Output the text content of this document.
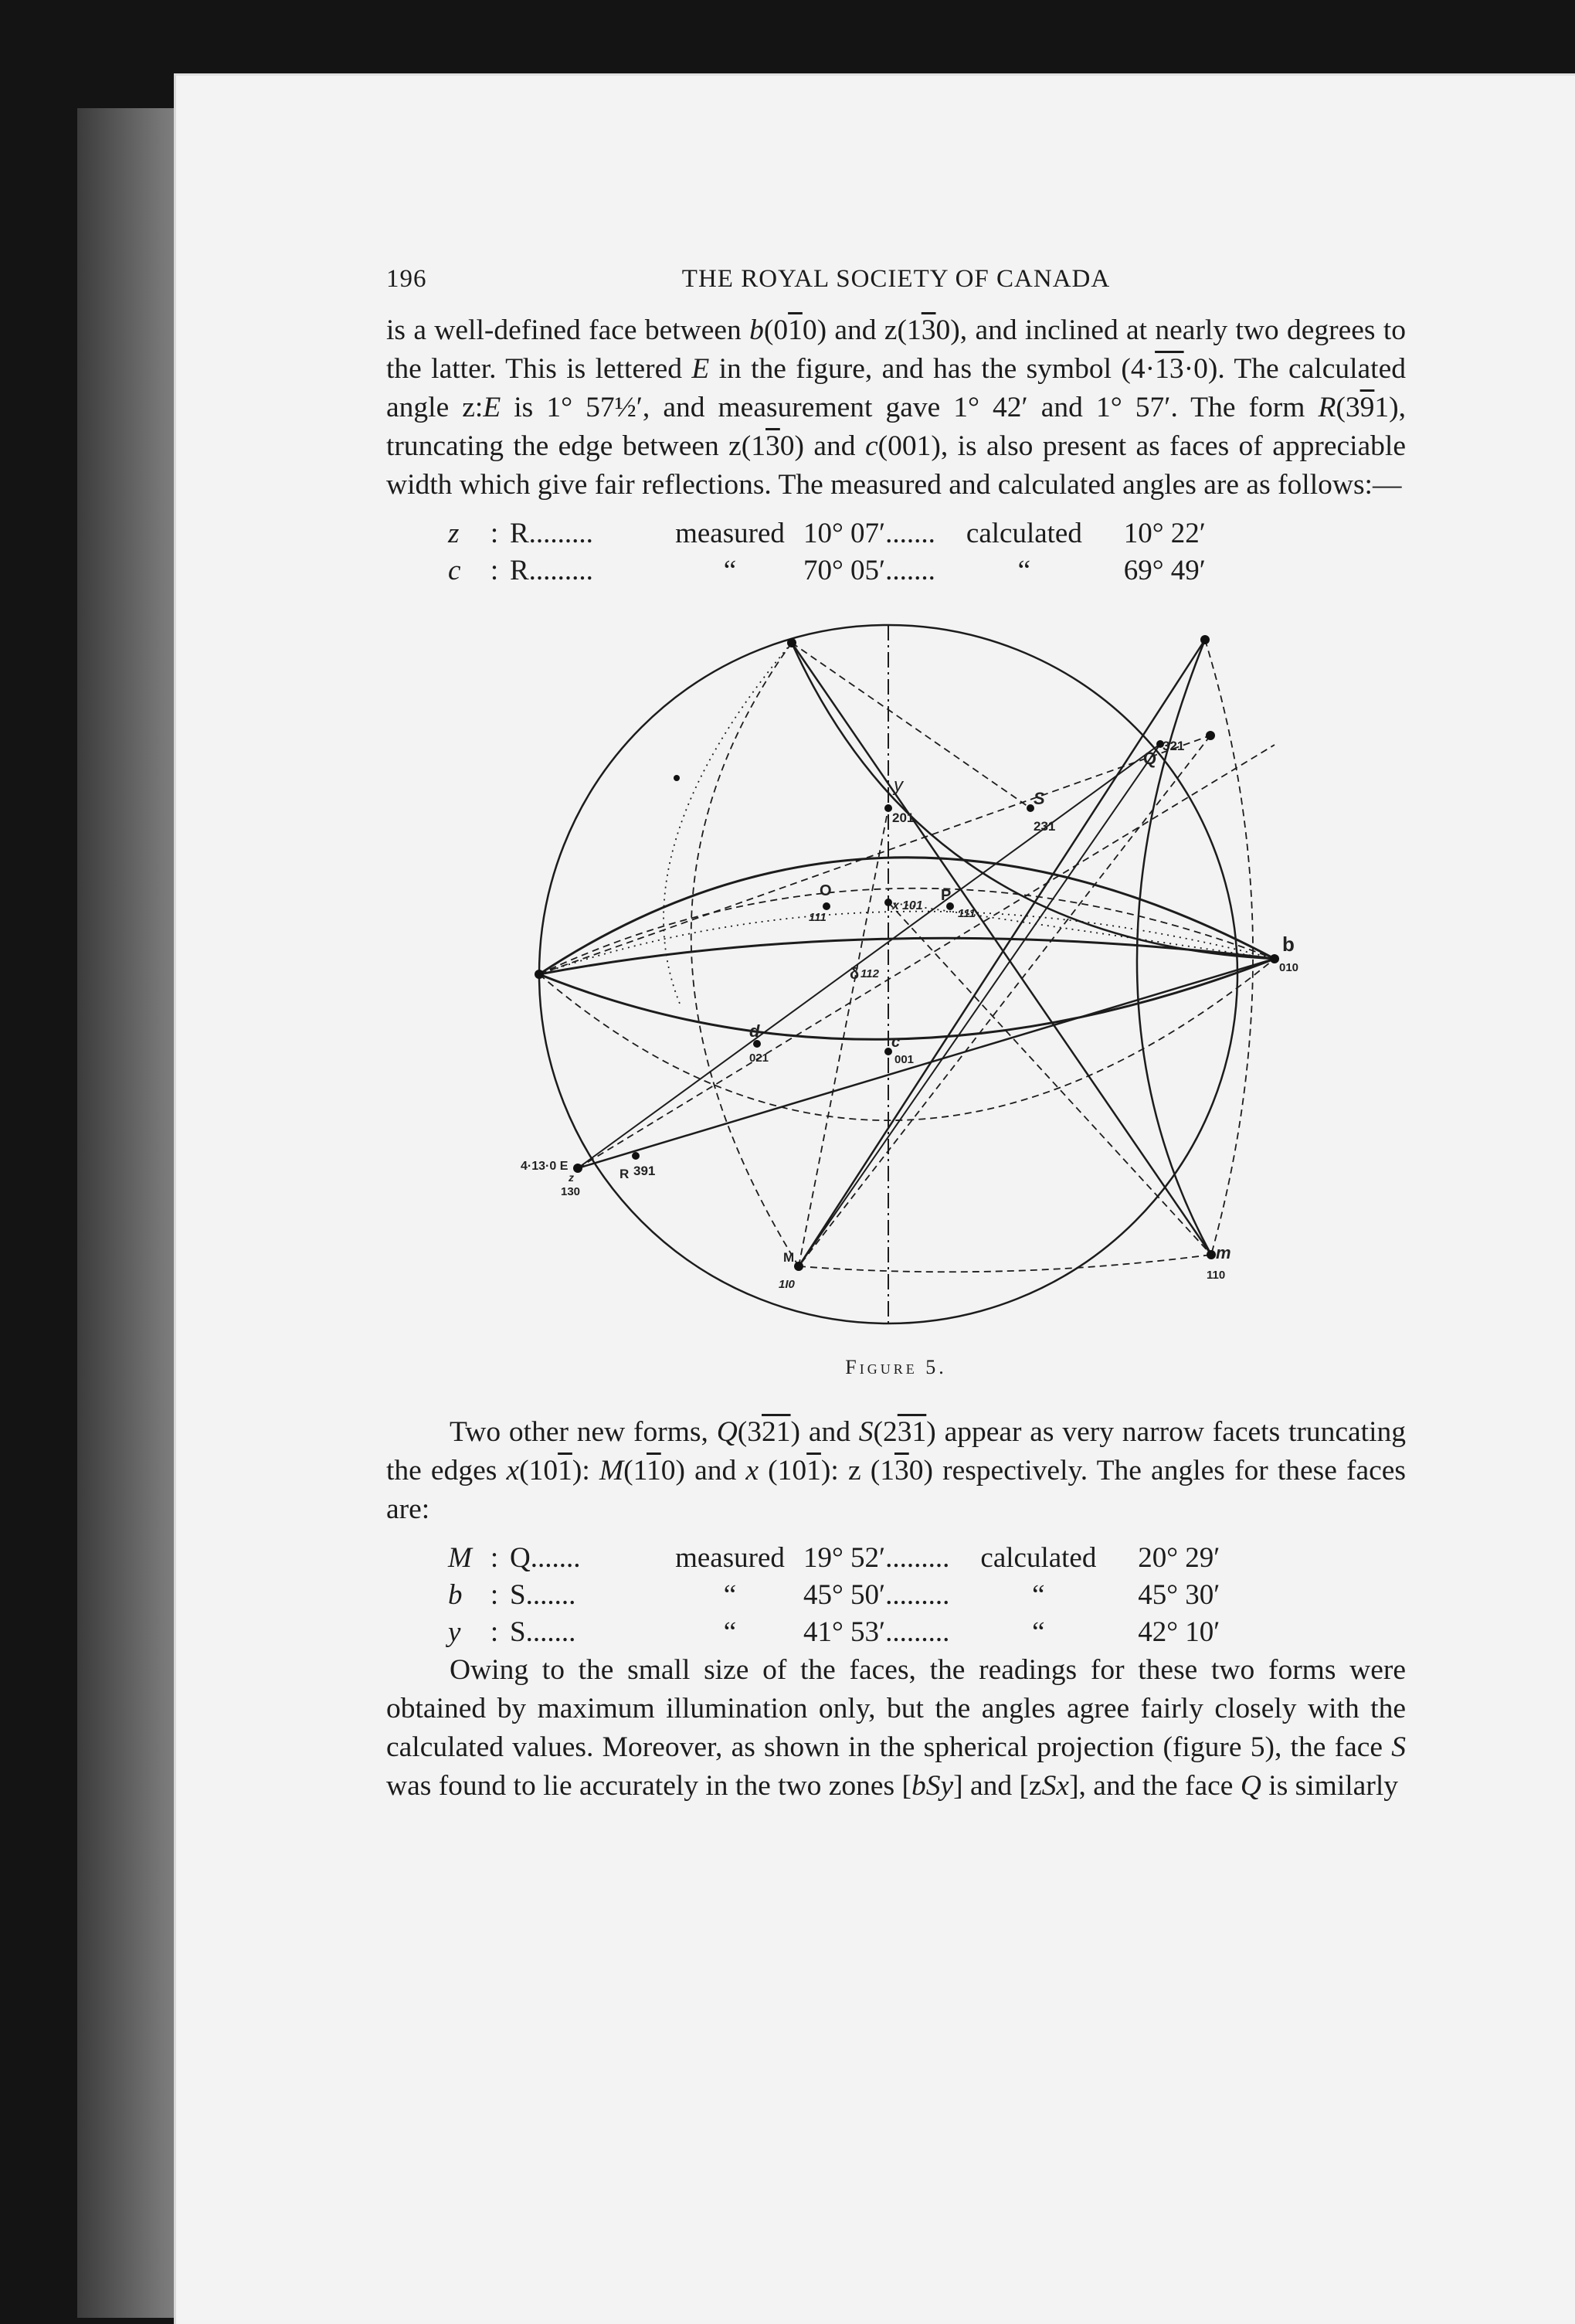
196	THE ROYAL SOCIETY OF CANADA

is a well-defined face between b(010) and z(130), and inclined at nearly two degrees to the latter. This is lettered E in the figure, and has the symbol (4·13·0). The calculated angle z:E is 1° 57½′, and measurement gave 1° 42′ and 1° 57′. The form R(391), truncating the edge between z(130) and c(001), is also present as faces of appreciable width which give fair reflections. The measured and calculated angles are as follows:—

z	:	R.........	measured	10° 07′.......	calculated	10° 22′
c	:	R.........	“	70° 05′.......	“	69° 49′
y
201
Q
321
S
231
O
111
x 101
P
111
b
010
δ 112
d
021
c
001
4·13·0 E
z
130
R 391
M
1I0
m
110
Figure 5.

Two other new forms, Q(321) and S(231) appear as very narrow facets truncating the edges x(101): M(110) and x (101): z (130) respectively. The angles for these faces are:

M	:	Q.......	measured	19° 52′.........	calculated	20° 29′
b	:	S.......	“	45° 50′.........	“	45° 30′
y	:	S.......	“	41° 53′.........	“	42° 10′

Owing to the small size of the faces, the readings for these two forms were obtained by maximum illumination only, but the angles agree fairly closely with the calculated values. Moreover, as shown in the spherical projection (figure 5), the face S was found to lie accurately in the two zones [bSy] and [zSx], and the face Q is similarly
